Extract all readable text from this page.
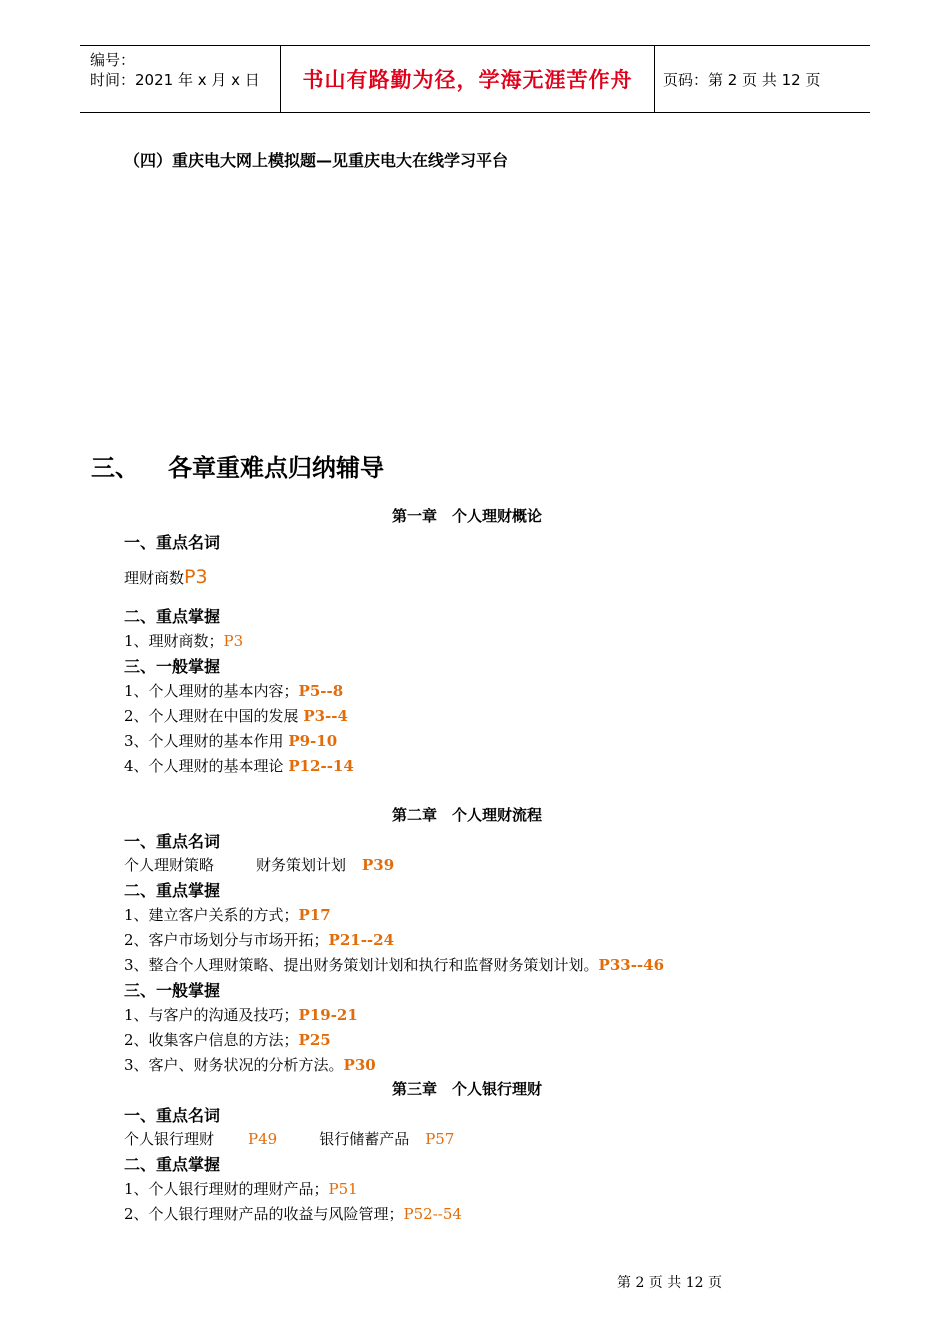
编号：
时间：2021 年 x 月 x 日	书山有路勤为径，学海无涯苦作舟	页码：第 2 页 共 12 页
（四）重庆电大网上模拟题—见重庆电大在线学习平台
三、 各章重难点归纳辅导
第一章　个人理财概论
一、重点名词
理财商数P3
二、重点掌握
1、理财商数；P3
三、一般掌握
1、个人理财的基本内容；P5--8
2、个人理财在中国的发展 P3--4
3、个人理财的基本作用 P9-10
4、个人理财的基本理论 P12--14
第二章　个人理财流程
一、重点名词
个人理财策略	财务策划计划 P39
二、重点掌握
1、建立客户关系的方式；P17
2、客户市场划分与市场开拓；P21--24
3、整合个人理财策略、提出财务策划计划和执行和监督财务策划计划。P33--46
三、一般掌握
1、与客户的沟通及技巧；P19-21
2、收集客户信息的方法；P25
3、客户、财务状况的分析方法。P30
第三章　个人银行理财
一、重点名词
个人银行理财 P49	银行储蓄产品 P57
二、重点掌握
1、个人银行理财的理财产品；P51
2、个人银行理财产品的收益与风险管理；P52--54
第 2 页 共 12 页
